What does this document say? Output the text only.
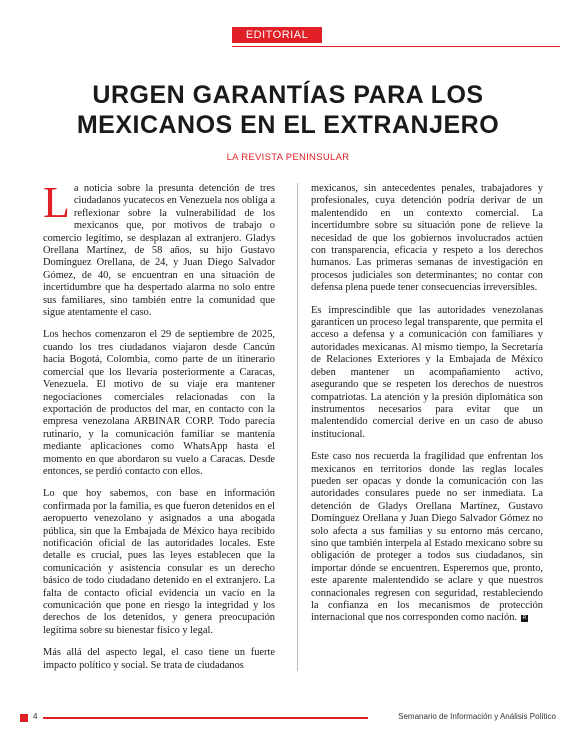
EDITORIAL
URGEN GARANTÍAS PARA LOS
MEXICANOS EN EL EXTRANJERO
LA REVISTA PENINSULAR

L a noticia sobre la presunta detención de tres ciudadanos yucatecos en Venezuela nos obliga a reflexionar sobre la vulnerabilidad de los mexicanos que, por motivos de trabajo o comercio legítimo, se desplazan al extranjero. Gladys Orellana Martínez, de 58 años, su hijo Gustavo Domínguez Orellana, de 24, y Juan Diego Salvador Gómez, de 40, se encuentran en una situación de incertidumbre que ha despertado alarma no solo entre sus familiares, sino también entre la comunidad que sigue atentamente el caso.

Los hechos comenzaron el 29 de septiembre de 2025, cuando los tres ciudadanos viajaron desde Cancún hacia Bogotá, Colombia, como parte de un itinerario comercial que los llevaría posteriormente a Caracas, Venezuela. El motivo de su viaje era mantener negociaciones comerciales relacionadas con la exportación de productos del mar, en contacto con la empresa venezolana ARBINAR CORP. Todo parecía rutinario, y la comunicación familiar se mantenía mediante aplicaciones como WhatsApp hasta el momento en que abordaron su vuelo a Caracas. Desde entonces, se perdió contacto con ellos.

Lo que hoy sabemos, con base en información confirmada por la familia, es que fueron detenidos en el aeropuerto venezolano y asignados a una abogada pública, sin que la Embajada de México haya recibido notificación oficial de las autoridades locales. Este detalle es crucial, pues las leyes establecen que la comunicación y asistencia consular es un derecho básico de todo ciudadano detenido en el extranjero. La falta de contacto oficial evidencia un vacío en la comunicación que pone en riesgo la integridad y los derechos de los detenidos, y genera preocupación legítima sobre su bienestar físico y legal.

Más allá del aspecto legal, el caso tiene un fuerte impacto político y social. Se trata de ciudadanos

mexicanos, sin antecedentes penales, trabajadores y profesionales, cuya detención podría derivar de un malentendido en un contexto comercial. La incertidumbre sobre su situación pone de relieve la necesidad de que los gobiernos involucrados actúen con transparencia, eficacia y respeto a los derechos humanos. Las primeras semanas de investigación en procesos judiciales son determinantes; no contar con defensa plena puede tener consecuencias irreversibles.

Es imprescindible que las autoridades venezolanas garanticen un proceso legal transparente, que permita el acceso a defensa y a comunicación con familiares y autoridades mexicanas. Al mismo tiempo, la Secretaría de Relaciones Exteriores y la Embajada de México deben mantener un acompañamiento activo, asegurando que se respeten los derechos de nuestros compatriotas. La atención y la presión diplomática son instrumentos necesarios para evitar que un malentendido comercial derive en un caso de abuso institucional.

Este caso nos recuerda la fragilidad que enfrentan los mexicanos en territorios donde las reglas locales pueden ser opacas y donde la comunicación con las autoridades consulares puede no ser inmediata. La detención de Gladys Orellana Martínez, Gustavo Domínguez Orellana y Juan Diego Salvador Gómez no solo afecta a sus familias y su entorno más cercano, sino que también interpela al Estado mexicano sobre su obligación de proteger a todos sus ciudadanos, sin importar dónde se encuentren. Esperemos que, pronto, este aparente malentendido se aclare y que nuestros connacionales regresen con seguridad, restableciendo la confianza en los mecanismos de protección internacional que nos corresponden como nación. R

4	Semanario de Información y Análisis Político
